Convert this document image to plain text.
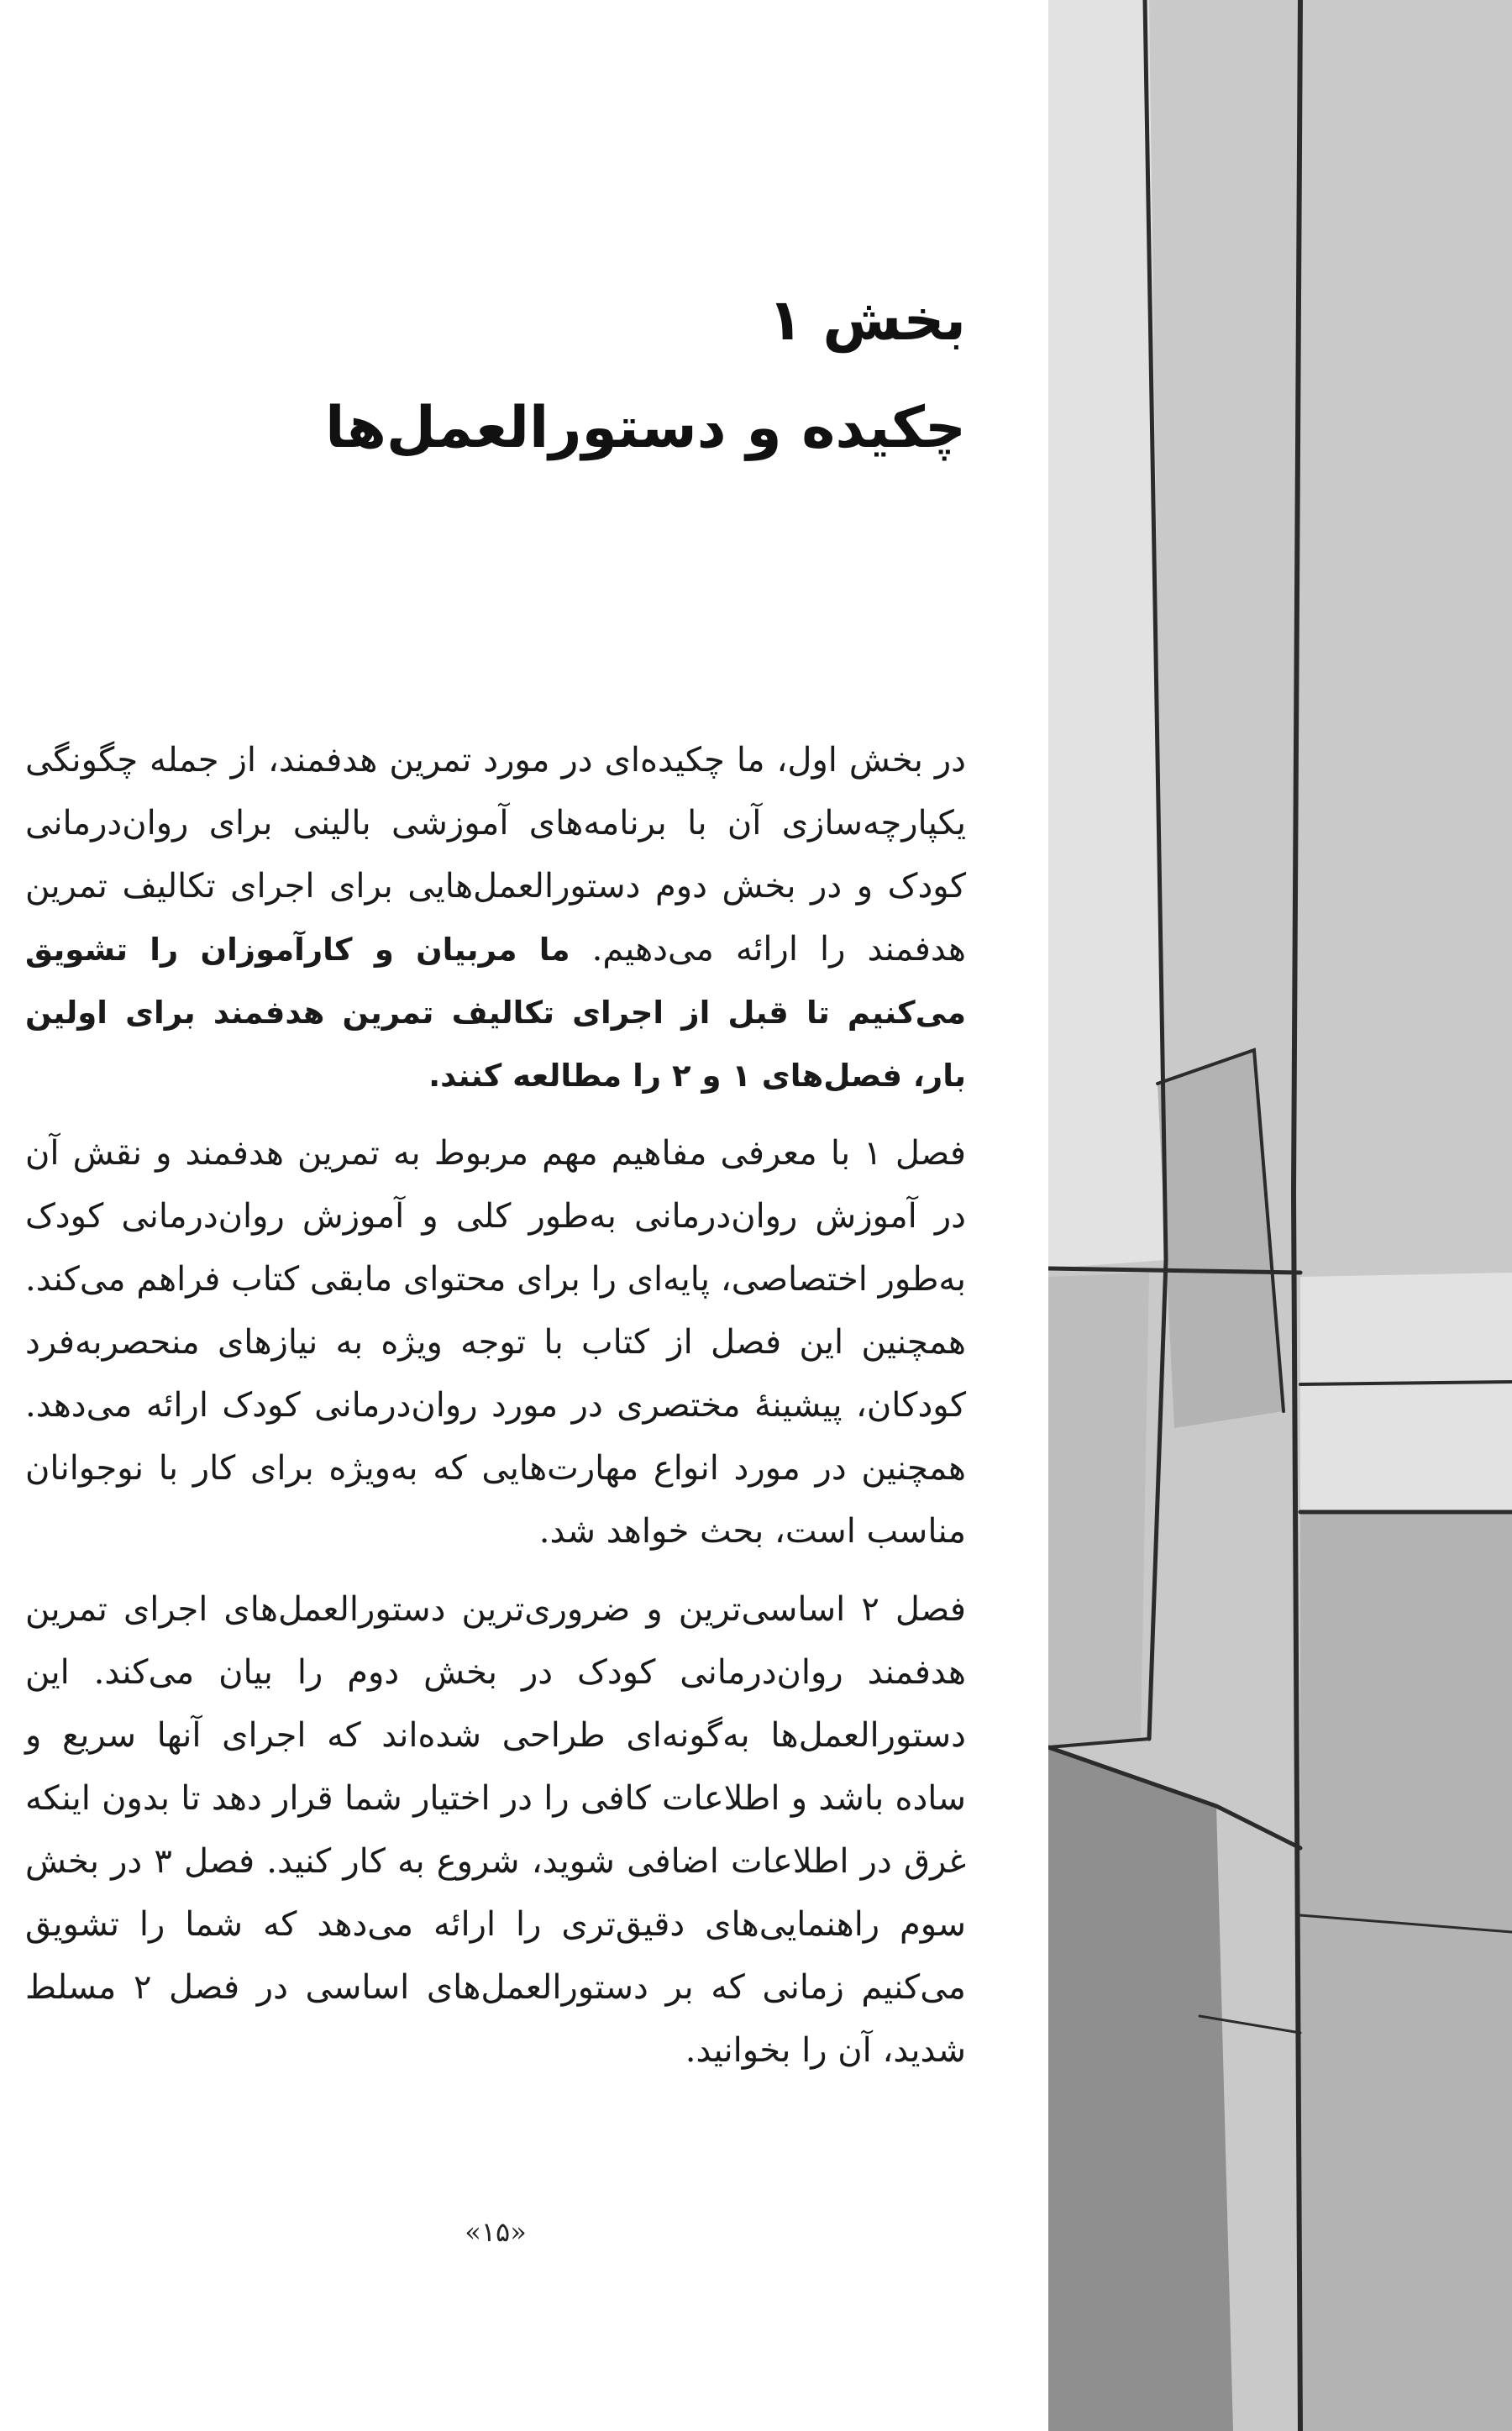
بخش ۱
چکیده و دستورالعمل‌ها

در بخش اول، ما چکیده‌ای در مورد تمرین هدفمند، از جمله چگونگی یکپارچه‌سازی آن با برنامه‌های آموزشی بالینی برای روان‌درمانی کودک و در بخش دوم دستورالعمل‌هایی برای اجرای تکالیف تمرین هدفمند را ارائه می‌دهیم. ما مربیان و کارآموزان را تشویق می‌کنیم تا قبل از اجرای تکالیف تمرین هدفمند برای اولین بار، فصل‌های ۱ و ۲ را مطالعه کنند.

فصل ۱ با معرفی مفاهیم مهم مربوط به تمرین هدفمند و نقش آن در آموزش روان‌درمانی به‌طور کلی و آموزش روان‌درمانی کودک به‌طور اختصاصی، پایه‌ای را برای محتوای مابقی کتاب فراهم می‌کند. همچنین این فصل از کتاب با توجه ویژه به نیازهای منحصربه‌فرد کودکان، پیشینهٔ مختصری در مورد روان‌درمانی کودک ارائه می‌دهد. همچنین در مورد انواع مهارت‌هایی که به‌ویژه برای کار با نوجوانان مناسب است، بحث خواهد شد.

فصل ۲ اساسی‌ترین و ضروری‌ترین دستورالعمل‌های اجرای تمرین هدفمند روان‌درمانی کودک در بخش دوم را بیان می‌کند. این دستورالعمل‌ها به‌گونه‌ای طراحی شده‌اند که اجرای آنها سریع و ساده باشد و اطلاعات کافی را در اختیار شما قرار دهد تا بدون اینکه غرق در اطلاعات اضافی شوید، شروع به کار کنید. فصل ۳ در بخش سوم راهنمایی‌های دقیق‌تری را ارائه می‌دهد که شما را تشویق می‌کنیم زمانی که بر دستورالعمل‌های اساسی در فصل ۲ مسلط شدید، آن را بخوانید.

«۱۵»
